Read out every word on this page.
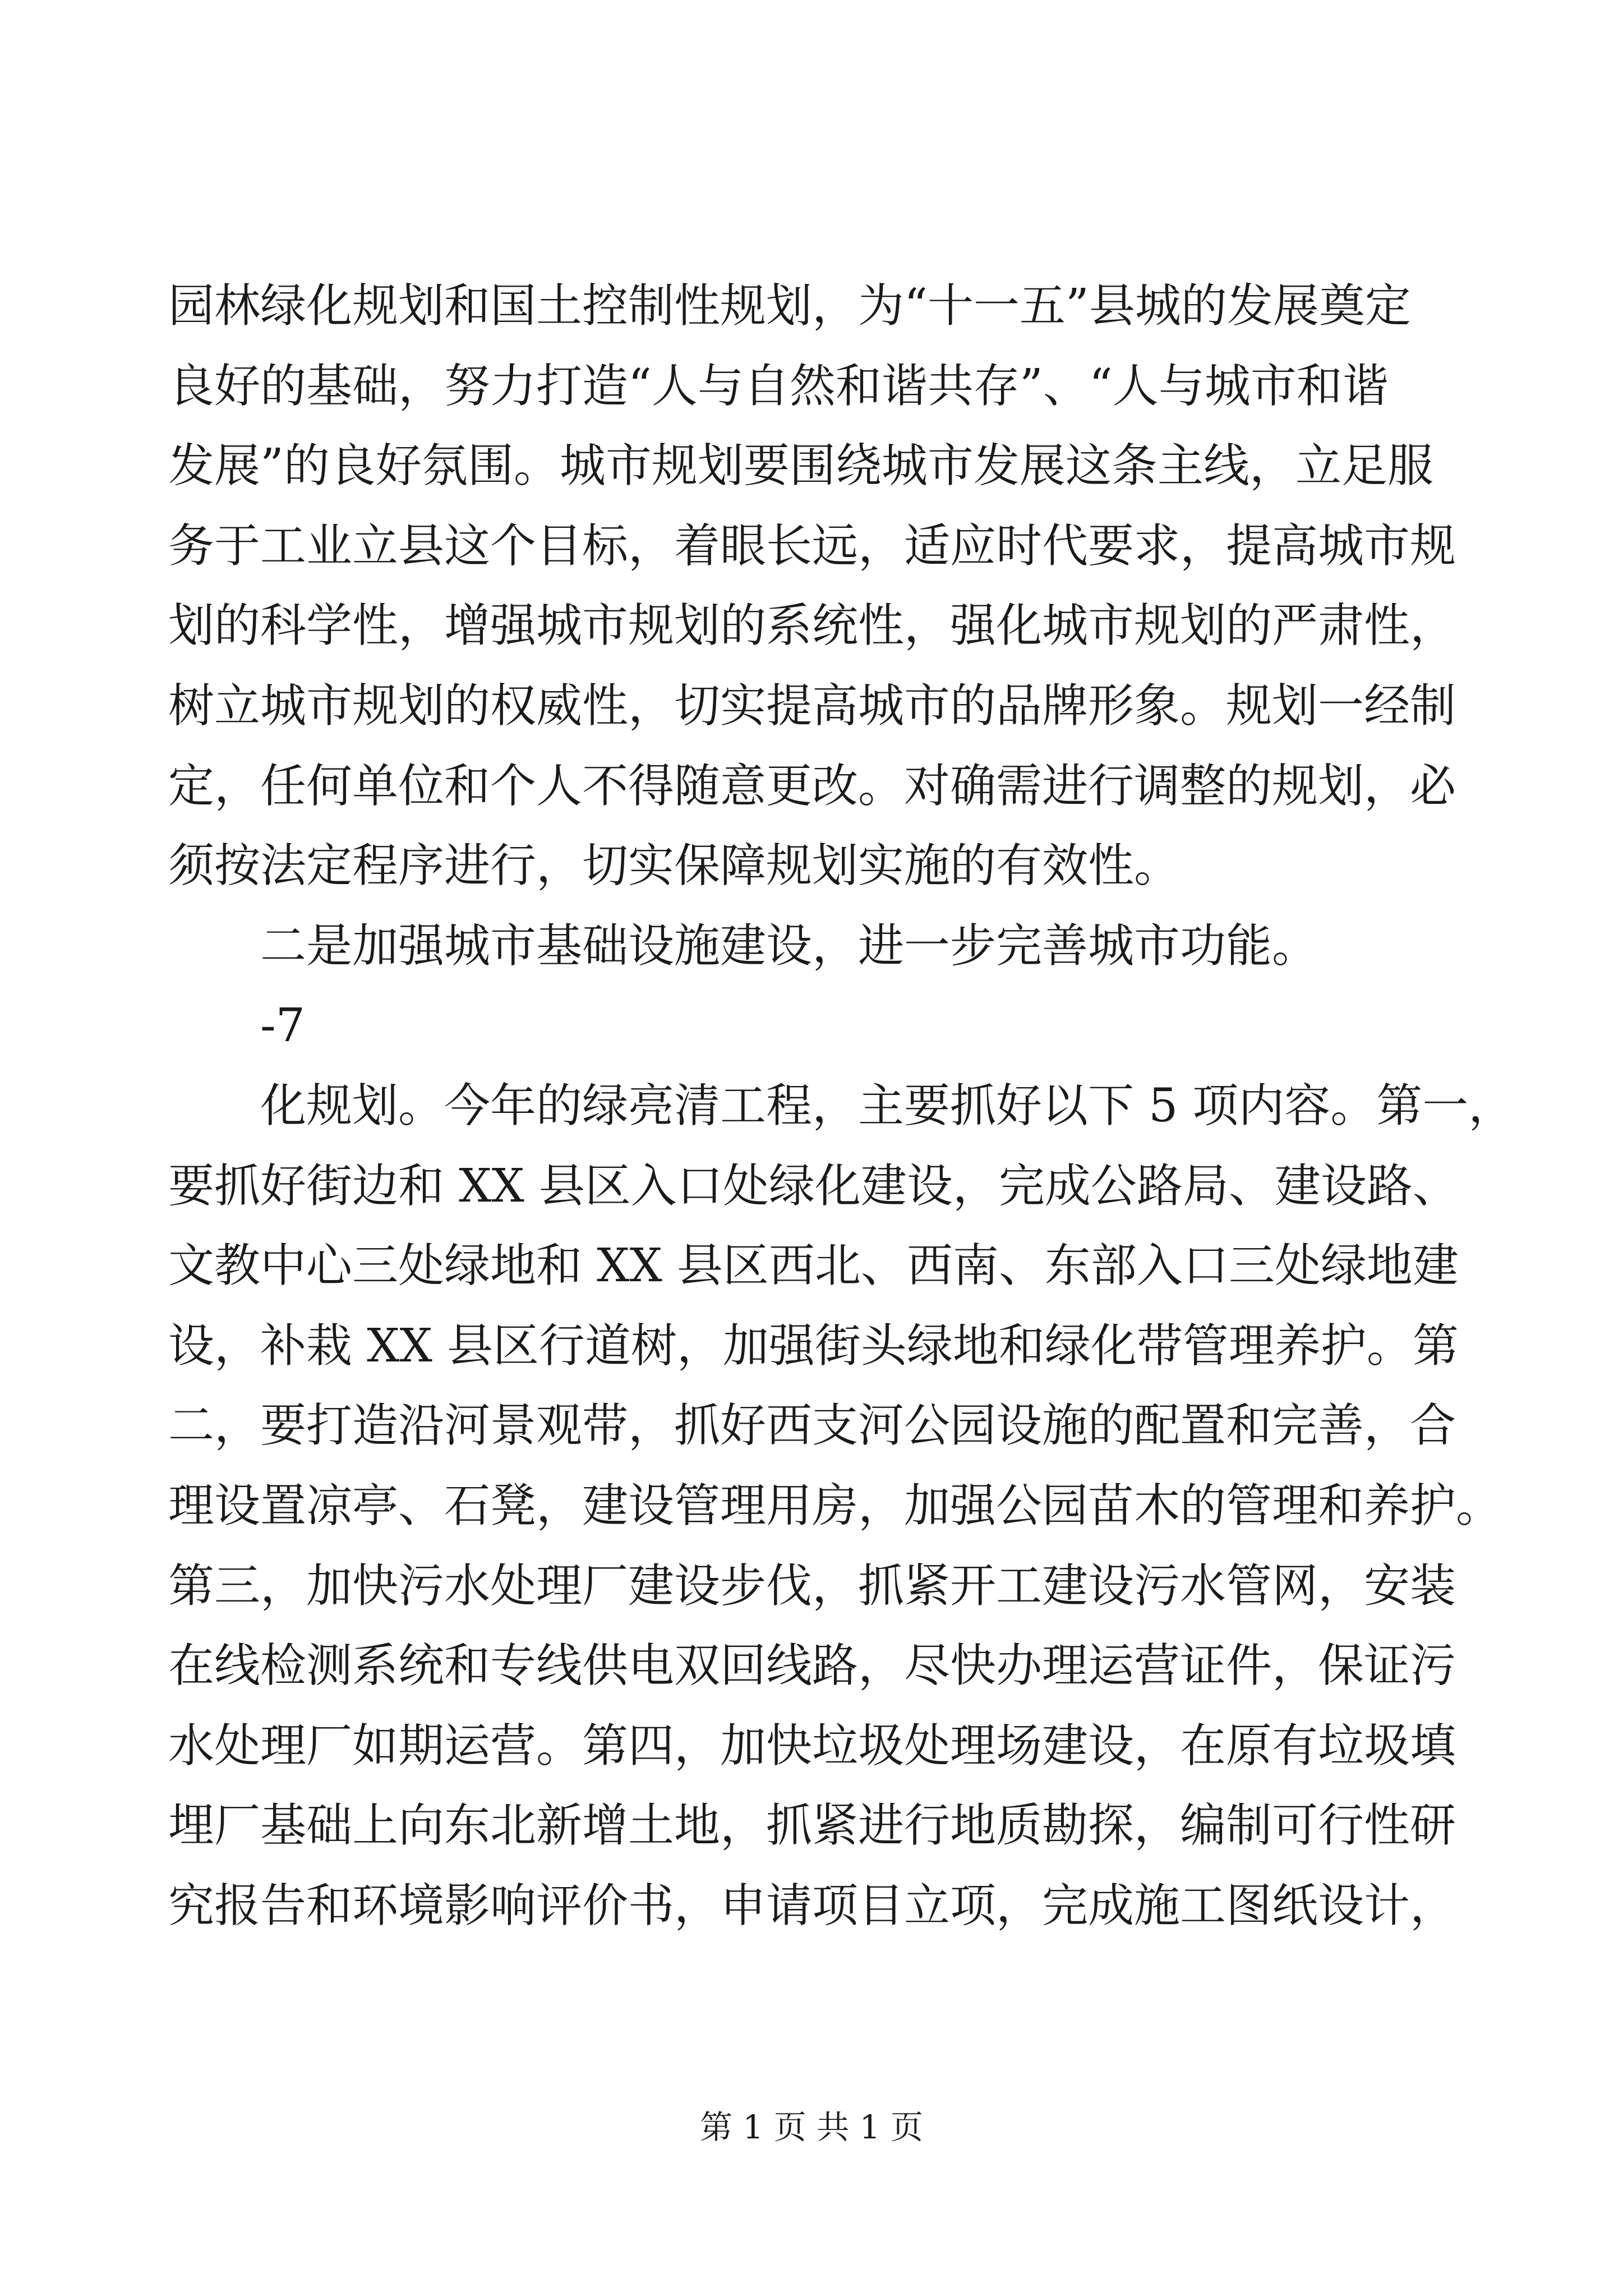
园林绿化规划和国土控制性规划，为“十一五”县城的发展奠定
良好的基础，努力打造“人与自然和谐共存”、“人与城市和谐
发展”的良好氛围。城市规划要围绕城市发展这条主线，立足服
务于工业立县这个目标，着眼长远，适应时代要求，提高城市规
划的科学性，增强城市规划的系统性，强化城市规划的严肃性，
树立城市规划的权威性，切实提高城市的品牌形象。规划一经制
定，任何单位和个人不得随意更改。对确需进行调整的规划，必
须按法定程序进行，切实保障规划实施的有效性。
二是加强城市基础设施建设，进一步完善城市功能。
-7
化规划。今年的绿亮清工程，主要抓好以下 5 项内容。第一，
要抓好街边和 XX 县区入口处绿化建设，完成公路局、建设路、
文教中心三处绿地和 XX 县区西北、西南、东部入口三处绿地建
设，补栽 XX 县区行道树，加强街头绿地和绿化带管理养护。第
二，要打造沿河景观带，抓好西支河公园设施的配置和完善，合
理设置凉亭、石凳，建设管理用房，加强公园苗木的管理和养护。
第三，加快污水处理厂建设步伐，抓紧开工建设污水管网，安装
在线检测系统和专线供电双回线路，尽快办理运营证件，保证污
水处理厂如期运营。第四，加快垃圾处理场建设，在原有垃圾填
埋厂基础上向东北新增土地，抓紧进行地质勘探，编制可行性研
究报告和环境影响评价书，申请项目立项，完成施工图纸设计，
第 1 页 共 1 页
